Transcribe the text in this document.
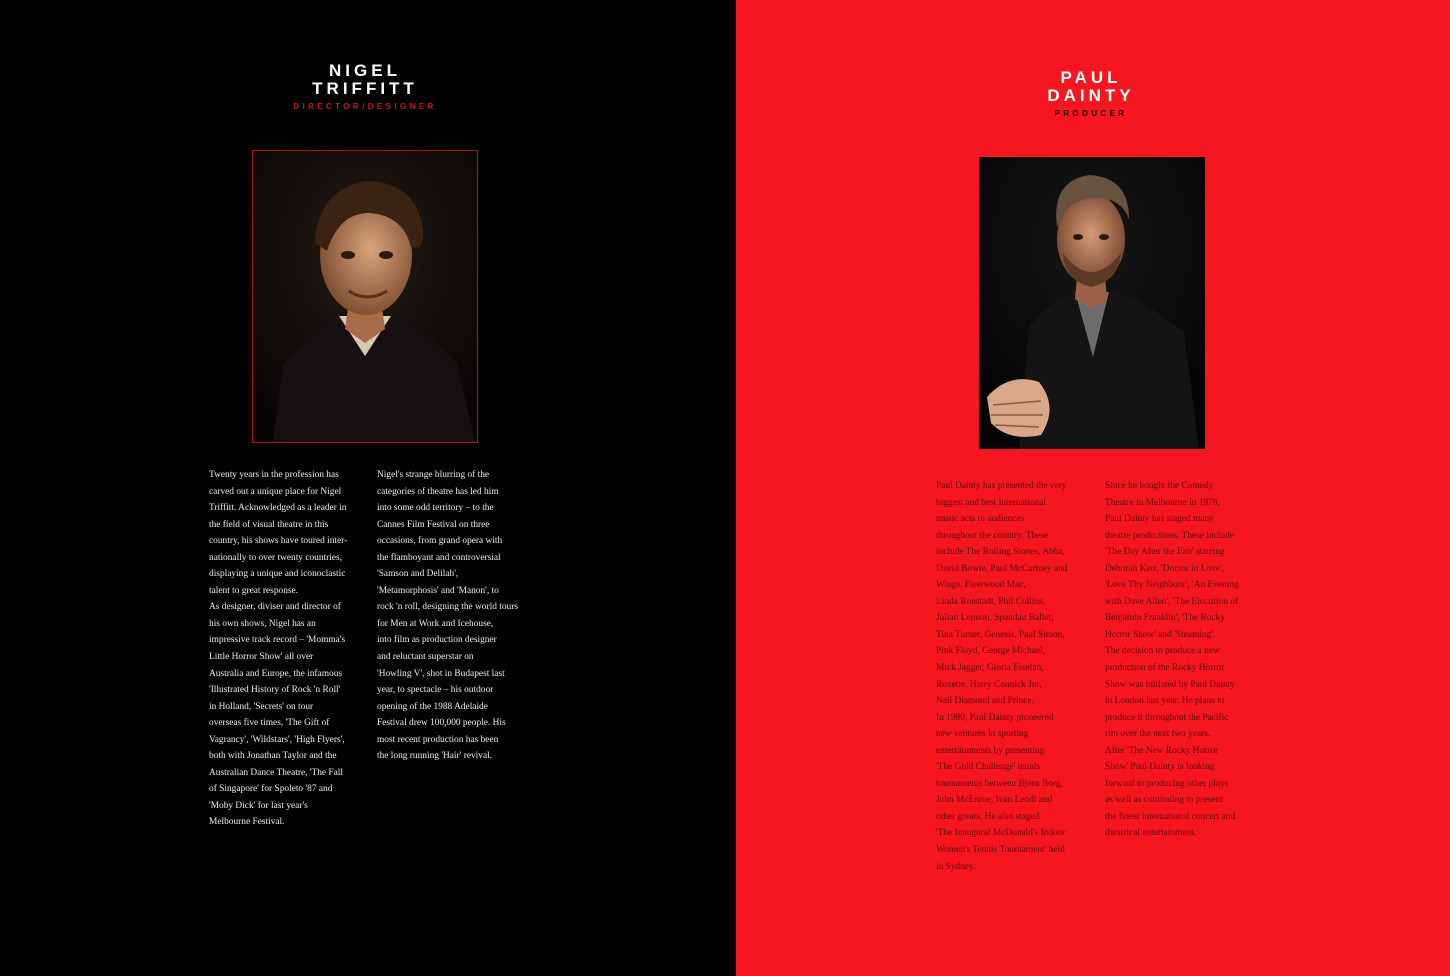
NIGEL
TRIFFITT
DIRECTOR/DESIGNER

Twenty years in the profession has

carved out a unique place for Nigel

Triffitt. Acknowledged as a leader in

the field of visual theatre in this

country, his shows have toured inter-

nationally to over twenty countries,

displaying a unique and iconoclastic

talent to great response.

As designer, diviser and director of

his own shows, Nigel has an

impressive track record – 'Momma's

Little Horror Show' all over

Australia and Europe, the infamous

'Illustrated History of Rock 'n Roll'

in Holland, 'Secrets' on tour

overseas five times, 'The Gift of

Vagrancy', 'Wildstars', 'High Flyers',

both with Jonathan Taylor and the

Australian Dance Theatre, 'The Fall

of Singapore' for Spoleto '87 and

'Moby Dick' for last year's

Melbourne Festival.

Nigel's strange blurring of the

categories of theatre has led him

into some odd territory – to the

Cannes Film Festival on three

occasions, from grand opera with

the flamboyant and controversial

'Samson and Delilah',

'Metamorphosis' and 'Manon', to

rock 'n roll, designing the world tours

for Men at Work and Icehouse,

into film as production designer

and reluctant superstar on

'Howling V', shot in Budapest last

year, to spectacle – his outdoor

opening of the 1988 Adelaide

Festival drew 100,000 people. His

most recent production has been

the long running 'Hair' revival.

PAUL
DAINTY
PRODUCER

Paul Dainty has presented the very

biggest and best international

music acts to audiences

throughout the country. These

include The Rolling Stones, Abba,

David Bowie, Paul McCartney and

Wings, Fleetwood Mac,

Linda Ronstadt, Phil Collins,

Julian Lennon, Spandau Ballet,

Tina Turner, Genesis, Paul Simon,

Pink Floyd, George Michael,

Mick Jagger, Gloria Estefan,

Roxette, Harry Connick Jnr,

Neil Diamond and Prince.

In 1980, Paul Dainty pioneered

new ventures in sporting

entertainments by presenting

'The Gold Challenge' tennis

tournaments between Bjorn Borg,

John McEnroe, Ivan Lendl and

other greats. He also staged

'The Inaugural McDonald's Indoor

Women's Tennis Tournament' held

in Sydney.

Since he bought the Comedy

Theatre in Melbourne in 1978,

Paul Dainty has staged many

theatre productions. These include

'The Day After the Fair' starring

Deborah Kerr, 'Doctor in Love',

'Love Thy Neighbour', 'An Evening

with Dave Allen', 'The Elocution of

Benjamin Franklin', 'The Rocky

Horror Show' and 'Steaming'.

The decision to produce a new

production of the Rocky Horror

Show was initiated by Paul Dainty

in London last year. He plans to

produce it throughout the Pacific

rim over the next two years.

After 'The New Rocky Horror

Show' Paul Dainty is looking

forward to producing other plays

as well as continuing to present

the finest international concert and

theatrical entertainment.
